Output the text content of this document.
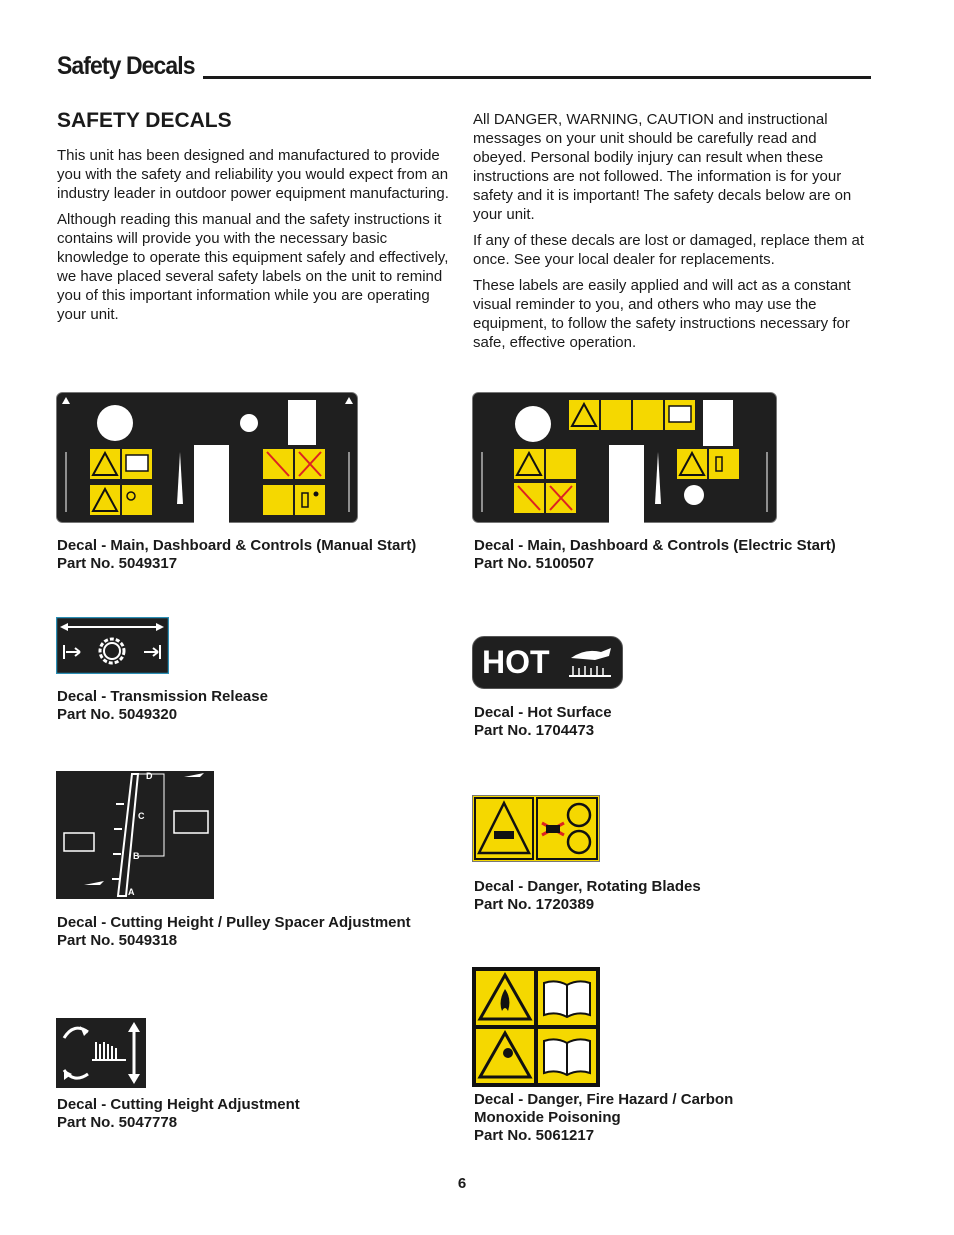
Safety Decals
SAFETY DECALS

This unit has been designed and manufactured to provide you with the safety and reliability you would expect from an industry leader in outdoor power equipment manufacturing.

Although reading this manual and the safety instructions it contains will provide you with the necessary basic knowledge to operate this equipment safely and effectively, we have placed several safety labels on the unit to remind you of this important information while you are operating your unit.

All DANGER, WARNING, CAUTION and instructional messages on your unit should be carefully read and obeyed. Personal bodily injury can result when these instructions are not followed. The information is for your safety and it is important! The safety decals below are on your unit.

If any of these decals are lost or damaged, replace them at once. See your local dealer for replacements.

These labels are easily applied and will act as a constant visual reminder to you, and others who may use the equipment, to follow the safety instructions necessary for safe, effective operation.

Decal - Main, Dashboard & Controls (Manual Start)
Part No. 5049317
Decal - Main, Dashboard & Controls (Electric Start)
Part No. 5100507
Decal - Transmission Release
Part No. 5049320
HOT
Decal - Hot Surface
Part No. 1704473
D
C
B
A
Decal - Cutting Height / Pulley Spacer Adjustment
Part No. 5049318
Decal - Danger, Rotating Blades
Part No. 1720389
Decal - Cutting Height Adjustment
Part No. 5047778
Decal - Danger, Fire Hazard / Carbon
Monoxide Poisoning
Part No. 5061217
6
